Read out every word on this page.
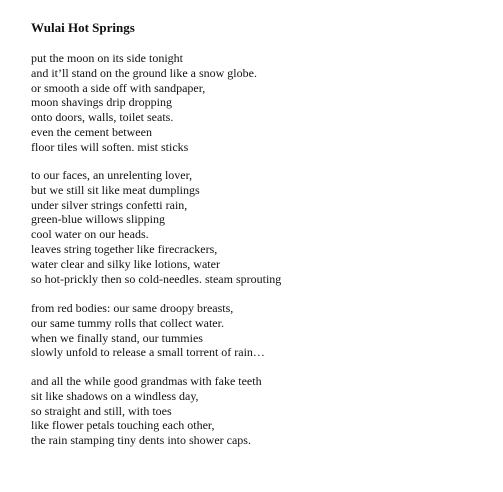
Wulai Hot Springs
put the moon on its side tonight
and it’ll stand on the ground like a snow globe.
or smooth a side off with sandpaper,
moon shavings drip dropping
onto doors, walls, toilet seats.
even the cement between
floor tiles will soften. mist sticks
to our faces, an unrelenting lover,
but we still sit like meat dumplings
under silver strings confetti rain,
green-blue willows slipping
cool water on our heads.
leaves string together like firecrackers,
water clear and silky like lotions, water
so hot-prickly then so cold-needles. steam sprouting
from red bodies: our same droopy breasts,
our same tummy rolls that collect water.
when we finally stand, our tummies
slowly unfold to release a small torrent of rain…
and all the while good grandmas with fake teeth
sit like shadows on a windless day,
so straight and still, with toes
like flower petals touching each other,
the rain stamping tiny dents into shower caps.
